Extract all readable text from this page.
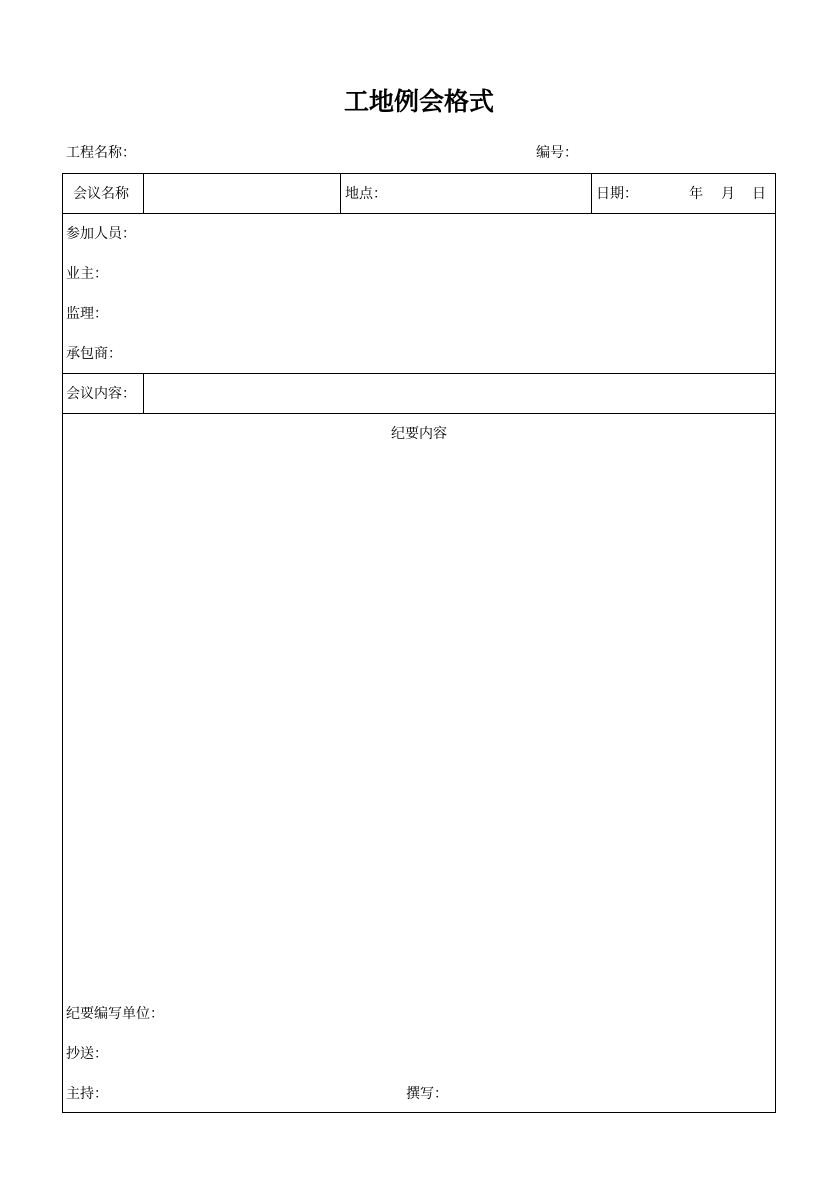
工地例会格式
工程名称：	编号：
会议名称	地点：	日期：	年 月 日
参加人员：
业主：
监理：
承包商：
会议内容：
纪要内容
纪要编写单位：
抄送：
主持：	撰写：
